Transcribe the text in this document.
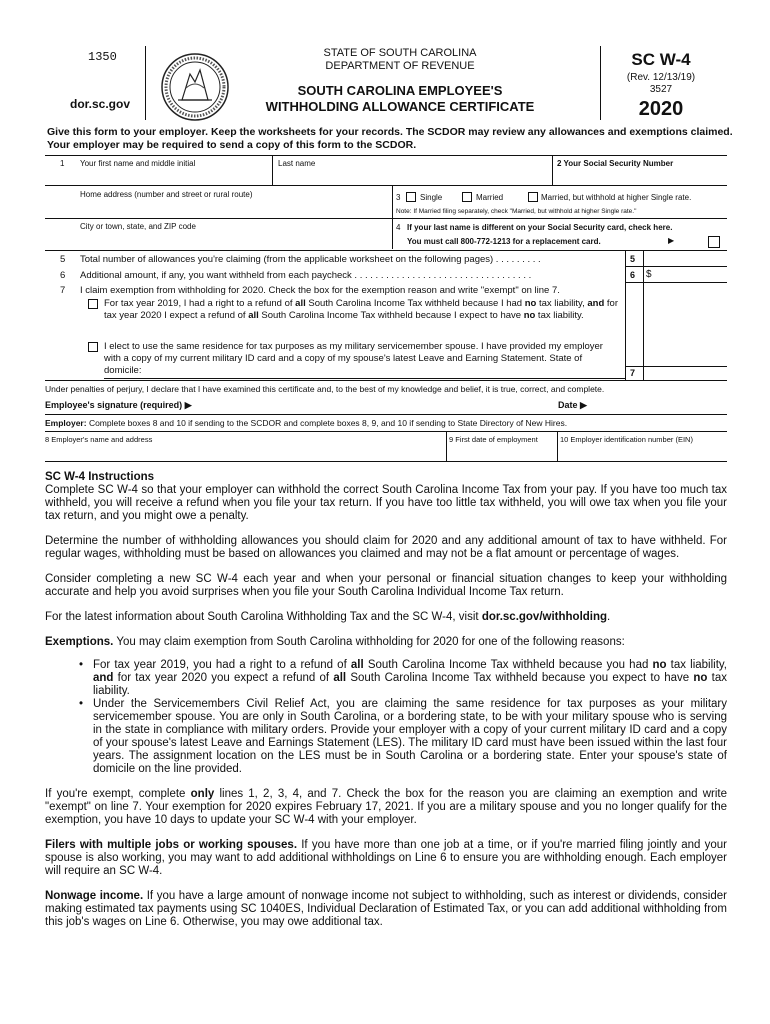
1350
dor.sc.gov
STATE OF SOUTH CAROLINA
DEPARTMENT OF REVENUE
SOUTH CAROLINA EMPLOYEE'S
WITHHOLDING ALLOWANCE CERTIFICATE
SC W-4
(Rev. 12/13/19)
3527
2020
Give this form to your employer. Keep the worksheets for your records. The SCDOR may review any allowances and exemptions claimed. Your employer may be required to send a copy of this form to the SCDOR.
1 Your first name and middle initial	Last name	2 Your Social Security Number
Home address (number and street or rural route)	3 Single	Married	Married, but withhold at higher Single rate.
Note: If Married filing separately, check "Married, but withhold at higher Single rate."
City or town, state, and ZIP code	4 If your last name is different on your Social Security card, check here.
You must call 800-772-1213 for a replacement card.	▶
5 Total number of allowances you're claiming (from the applicable worksheet on the following pages) . . . . . . . . .	5
6 Additional amount, if any, you want withheld from each paycheck . . . . . . . . . . . . . . . . . . . . . . . . . . . . . . . . . .	6 $
7 I claim exemption from withholding for 2020. Check the box for the exemption reason and write "exempt" on line 7.
For tax year 2019, I had a right to a refund of all South Carolina Income Tax withheld because I had no tax liability, and for tax year 2020 I expect a refund of all South Carolina Income Tax withheld because I expect to have no tax liability.
I elect to use the same residence for tax purposes as my military servicemember spouse. I have provided my employer with a copy of my current military ID card and a copy of my spouse's latest Leave and Earning Statement. State of domicile:	7
Under penalties of perjury, I declare that I have examined this certificate and, to the best of my knowledge and belief, it is true, correct, and complete.
Employee's signature (required) ▶	Date ▶
Employer: Complete boxes 8 and 10 if sending to the SCDOR and complete boxes 8, 9, and 10 if sending to State Directory of New Hires.
8 Employer's name and address	9 First date of employment	10 Employer identification number (EIN)
SC W-4 Instructions

Complete SC W-4 so that your employer can withhold the correct South Carolina Income Tax from your pay. If you have too much tax withheld, you will receive a refund when you file your tax return. If you have too little tax withheld, you will owe tax when you file your tax return, and you might owe a penalty.

Determine the number of withholding allowances you should claim for 2020 and any additional amount of tax to have withheld. For regular wages, withholding must be based on allowances you claimed and may not be a flat amount or percentage of wages.

Consider completing a new SC W-4 each year and when your personal or financial situation changes to keep your withholding accurate and help you avoid surprises when you file your South Carolina Individual Income Tax return.

For the latest information about South Carolina Withholding Tax and the SC W-4, visit dor.sc.gov/withholding.

Exemptions. You may claim exemption from South Carolina withholding for 2020 for one of the following reasons:

• For tax year 2019, you had a right to a refund of all South Carolina Income Tax withheld because you had no tax liability, and for tax year 2020 you expect a refund of all South Carolina Income Tax withheld because you expect to have no tax liability.
• Under the Servicemembers Civil Relief Act, you are claiming the same residence for tax purposes as your military servicemember spouse. You are only in South Carolina, or a bordering state, to be with your military spouse who is serving in the state in compliance with military orders. Provide your employer with a copy of your current military ID card and a copy of your spouse's latest Leave and Earnings Statement (LES). The military ID card must have been issued within the last four years. The assignment location on the LES must be in South Carolina or a bordering state. Enter your spouse's state of domicile on the line provided.

If you're exempt, complete only lines 1, 2, 3, 4, and 7. Check the box for the reason you are claiming an exemption and write "exempt" on line 7. Your exemption for 2020 expires February 17, 2021. If you are a military spouse and you no longer qualify for the exemption, you have 10 days to update your SC W-4 with your employer.

Filers with multiple jobs or working spouses. If you have more than one job at a time, or if you're married filing jointly and your spouse is also working, you may want to add additional withholdings on Line 6 to ensure you are withholding enough. Each employer will require an SC W-4.

Nonwage income. If you have a large amount of nonwage income not subject to withholding, such as interest or dividends, consider making estimated tax payments using SC 1040ES, Individual Declaration of Estimated Tax, or you can add additional withholding from this job's wages on Line 6. Otherwise, you may owe additional tax.
